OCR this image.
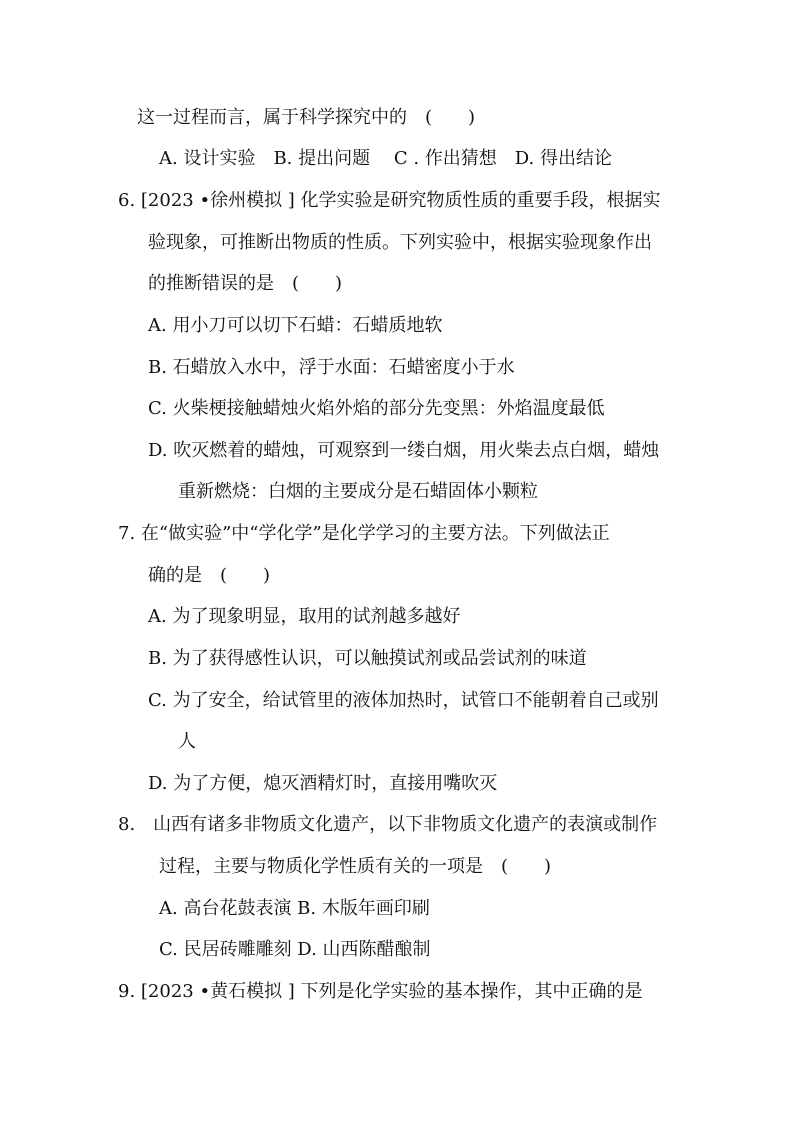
这一过程而言，属于科学探究中的　(　　)
A. 设计实验　B. 提出问题　 C . 作出猜想　D. 得出结论
6. [2023 •徐州模拟 ] 化学实验是研究物质性质的重要手段，根据实
验现象，可推断出物质的性质。下列实验中，根据实验现象作出
的推断错误的是　(　　)
A. 用小刀可以切下石蜡：石蜡质地软
B. 石蜡放入水中，浮于水面：石蜡密度小于水
C. 火柴梗接触蜡烛火焰外焰的部分先变黑：外焰温度最低
D. 吹灭燃着的蜡烛，可观察到一缕白烟，用火柴去点白烟，蜡烛
重新燃烧：白烟的主要成分是石蜡固体小颗粒
7. 在“做实验”中“学化学”是化学学习的主要方法。下列做法正
确的是　(　　)
A. 为了现象明显，取用的试剂越多越好
B. 为了获得感性认识，可以触摸试剂或品尝试剂的味道
C. 为了安全，给试管里的液体加热时，试管口不能朝着自己或别
人
D. 为了方便，熄灭酒精灯时，直接用嘴吹灭
8.　山西有诸多非物质文化遗产，以下非物质文化遗产的表演或制作
过程，主要与物质化学性质有关的一项是　(　　)
A. 高台花鼓表演 B. 木版年画印刷
C. 民居砖雕雕刻 D. 山西陈醋酿制
9. [2023 •黄石模拟 ] 下列是化学实验的基本操作，其中正确的是
